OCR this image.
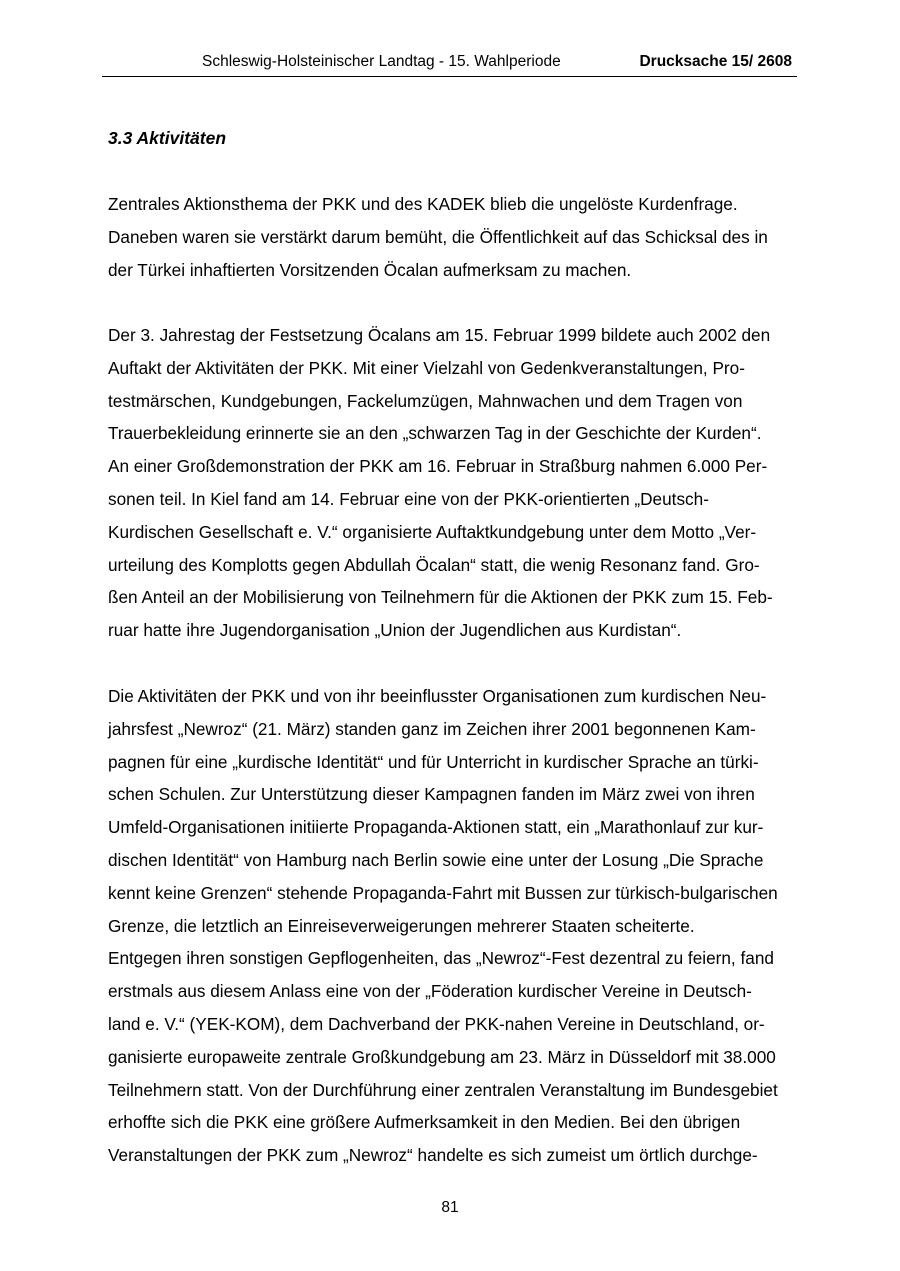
Schleswig-Holsteinischer Landtag - 15. Wahlperiode	Drucksache 15/ 2608
3.3 Aktivitäten
Zentrales Aktionsthema der PKK und des KADEK blieb die ungelöste Kurdenfrage.
Daneben waren sie verstärkt darum bemüht, die Öffentlichkeit auf das Schicksal des in
der Türkei inhaftierten Vorsitzenden Öcalan aufmerksam zu machen.
Der 3. Jahrestag der Festsetzung Öcalans am 15. Februar 1999 bildete auch 2002 den
Auftakt der Aktivitäten der PKK. Mit einer Vielzahl von Gedenkveranstaltungen, Pro-
testmärschen, Kundgebungen, Fackelumzügen, Mahnwachen und dem Tragen von
Trauerbekleidung erinnerte sie an den „schwarzen Tag in der Geschichte der Kurden“.
An einer Großdemonstration der PKK am 16. Februar in Straßburg nahmen 6.000 Per-
sonen teil. In Kiel fand am 14. Februar eine von der PKK-orientierten „Deutsch-
Kurdischen Gesellschaft e. V.“ organisierte Auftaktkundgebung unter dem Motto „Ver-
urteilung des Komplotts gegen Abdullah Öcalan“ statt, die wenig Resonanz fand. Gro-
ßen Anteil an der Mobilisierung von Teilnehmern für die Aktionen der PKK zum 15. Feb-
ruar hatte ihre Jugendorganisation „Union der Jugendlichen aus Kurdistan“.
Die Aktivitäten der PKK und von ihr beeinflusster Organisationen zum kurdischen Neu-
jahrsfest „Newroz“ (21. März) standen ganz im Zeichen ihrer 2001 begonnenen Kam-
pagnen für eine „kurdische Identität“ und für Unterricht in kurdischer Sprache an türki-
schen Schulen. Zur Unterstützung dieser Kampagnen fanden im März zwei von ihren
Umfeld-Organisationen initiierte Propaganda-Aktionen statt, ein „Marathonlauf zur kur-
dischen Identität“ von Hamburg nach Berlin sowie eine unter der Losung „Die Sprache
kennt keine Grenzen“ stehende Propaganda-Fahrt mit Bussen zur türkisch-bulgarischen
Grenze, die letztlich an Einreiseverweigerungen mehrerer Staaten scheiterte.
Entgegen ihren sonstigen Gepflogenheiten, das „Newroz“-Fest dezentral zu feiern, fand
erstmals aus diesem Anlass eine von der „Föderation kurdischer Vereine in Deutsch-
land e. V.“ (YEK-KOM), dem Dachverband der PKK-nahen Vereine in Deutschland, or-
ganisierte europaweite zentrale Großkundgebung am 23. März in Düsseldorf mit 38.000
Teilnehmern statt. Von der Durchführung einer zentralen Veranstaltung im Bundesgebiet
erhoffte sich die PKK eine größere Aufmerksamkeit in den Medien. Bei den übrigen
Veranstaltungen der PKK zum „Newroz“ handelte es sich zumeist um örtlich durchge-
81
